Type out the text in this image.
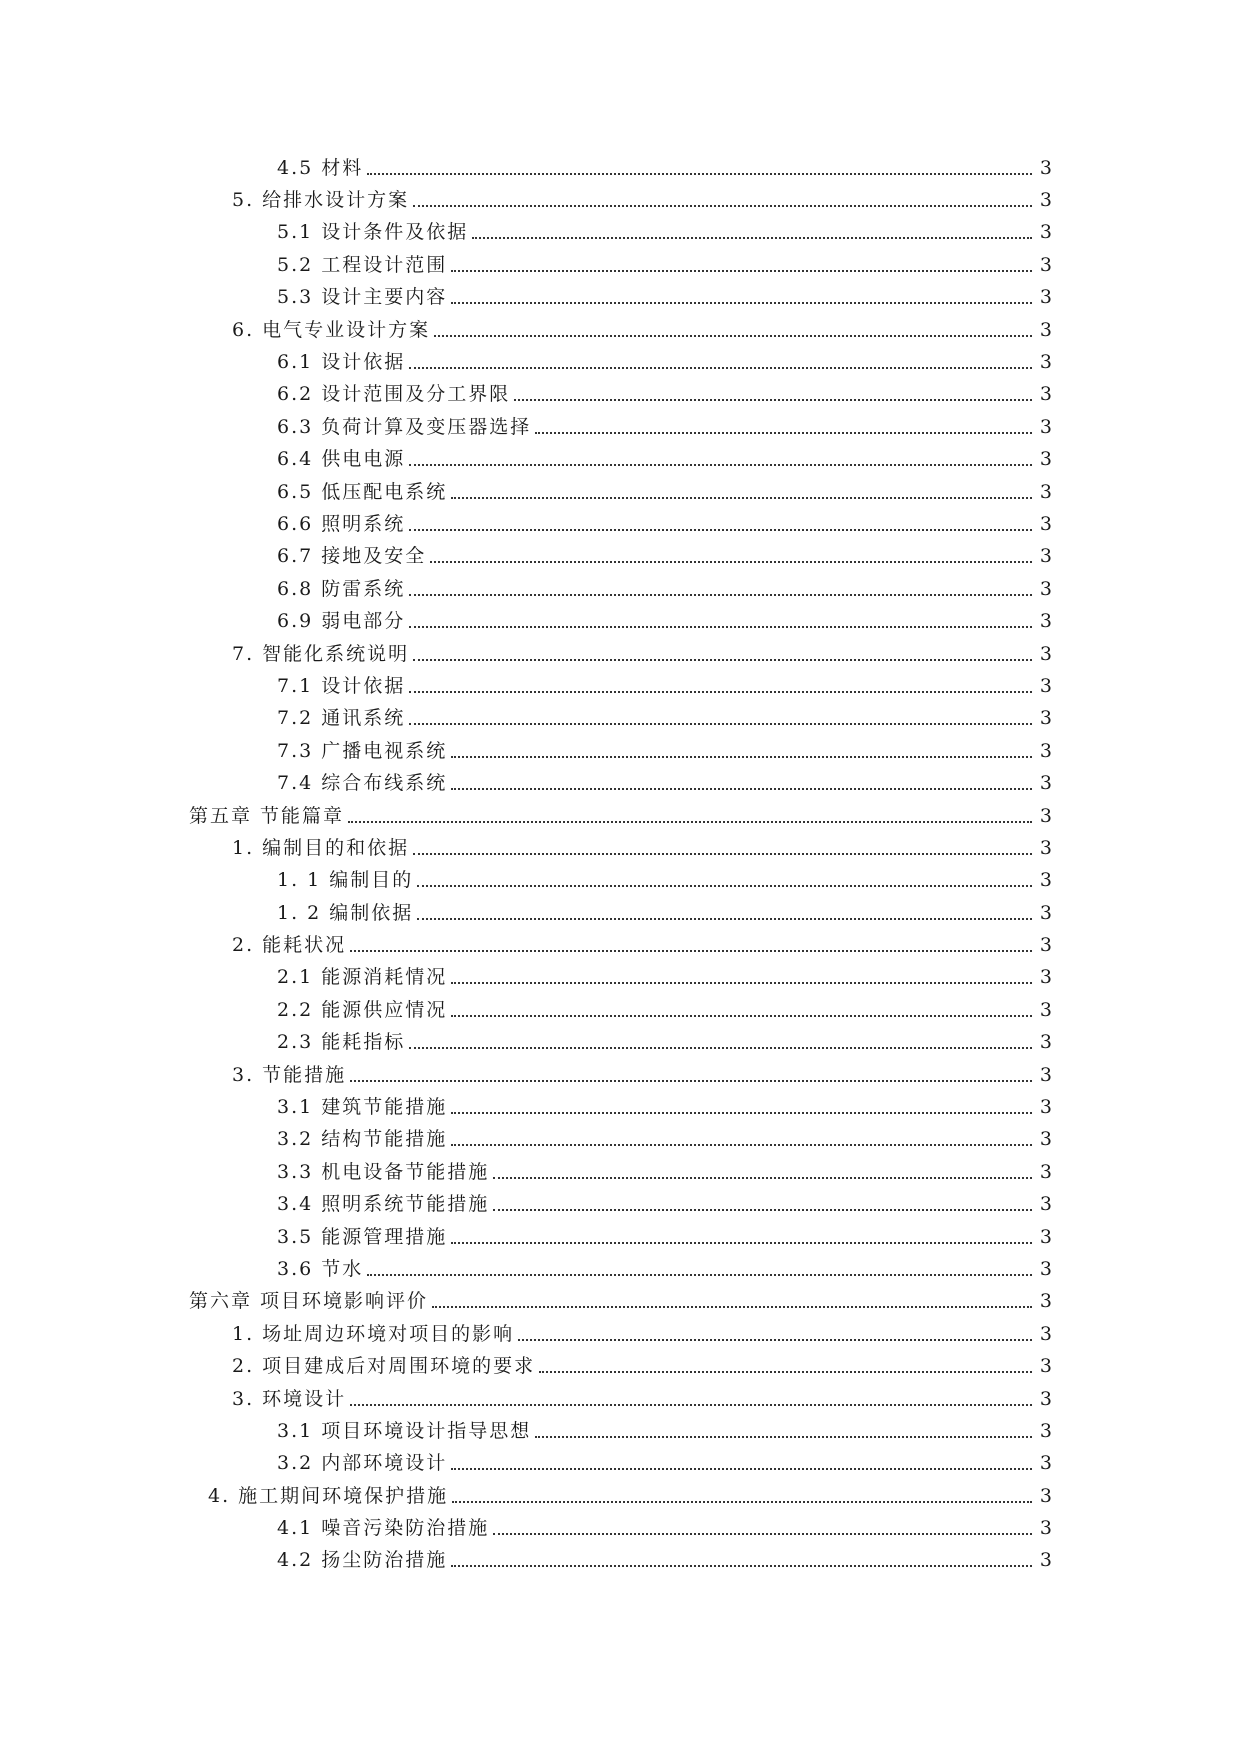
4.5 材料	3
5. 给排水设计方案	3
5.1 设计条件及依据	3
5.2 工程设计范围	3
5.3 设计主要内容	3
6. 电气专业设计方案	3
6.1 设计依据	3
6.2 设计范围及分工界限	3
6.3 负荷计算及变压器选择	3
6.4 供电电源	3
6.5 低压配电系统	3
6.6 照明系统	3
6.7 接地及安全	3
6.8 防雷系统	3
6.9 弱电部分	3
7. 智能化系统说明	3
7.1 设计依据	3
7.2 通讯系统	3
7.3 广播电视系统	3
7.4 综合布线系统	3
第五章 节能篇章	3
1. 编制目的和依据	3
1. 1 编制目的	3
1. 2 编制依据	3
2. 能耗状况	3
2.1 能源消耗情况	3
2.2 能源供应情况	3
2.3 能耗指标	3
3. 节能措施	3
3.1 建筑节能措施	3
3.2 结构节能措施	3
3.3 机电设备节能措施	3
3.4 照明系统节能措施	3
3.5 能源管理措施	3
3.6 节水	3
第六章 项目环境影响评价	3
1. 场址周边环境对项目的影响	3
2. 项目建成后对周围环境的要求	3
3. 环境设计	3
3.1 项目环境设计指导思想	3
3.2 内部环境设计	3
4. 施工期间环境保护措施	3
4.1 噪音污染防治措施	3
4.2 扬尘防治措施	3
